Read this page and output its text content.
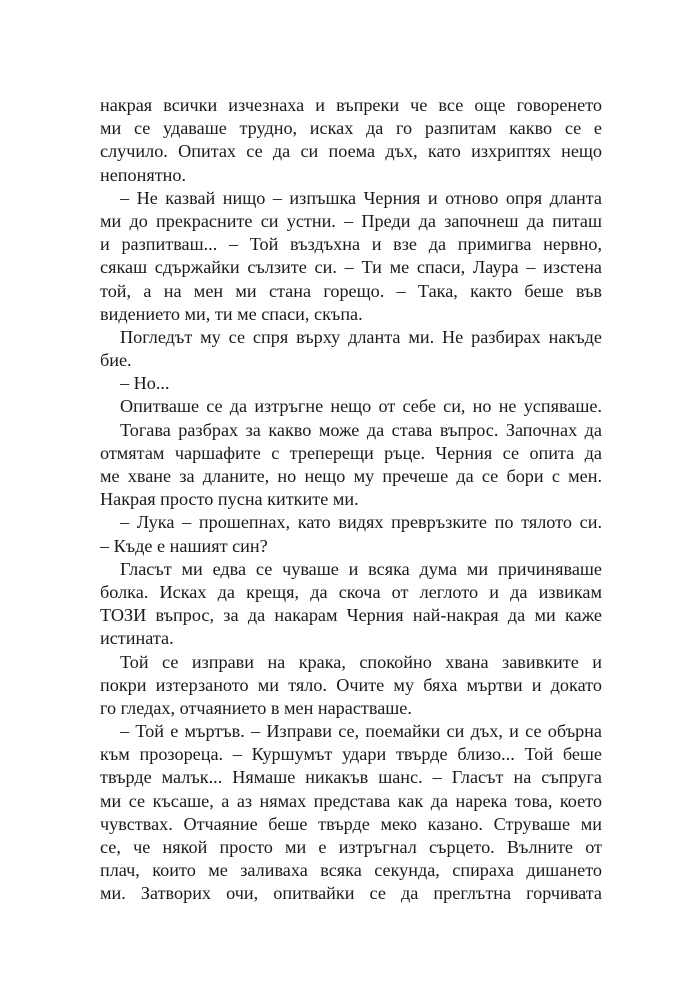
накрая всички изчезнаха и въпреки че все още говоренето
ми се удаваше трудно, исках да го разпитам какво се е
случило. Опитах се да си поема дъх, като изхриптях нещо
непонятно.
– Не казвай нищо – изпъшка Черния и отново опря дланта
ми до прекрасните си устни. – Преди да започнеш да питаш
и разпитваш... – Той въздъхна и взе да примигва нервно,
сякаш сдържайки сълзите си. – Ти ме спаси, Лаура – изстена
той, а на мен ми стана горещо. – Така, както беше във
видението ми, ти ме спаси, скъпа.
Погледът му се спря върху дланта ми. Не разбирах накъде
бие.
– Но...
Опитваше се да изтръгне нещо от себе си, но не успяваше.
Тогава разбрах за какво може да става въпрос. Започнах да
отмятам чаршафите с треперещи ръце. Черния се опита да
ме хване за дланите, но нещо му пречеше да се бори с мен.
Накрая просто пусна китките ми.
– Лука – прошепнах, като видях превръзките по тялото си.
– Къде е нашият син?
Гласът ми едва се чуваше и всяка дума ми причиняваше
болка. Исках да крещя, да скоча от леглото и да извикам
ТОЗИ въпрос, за да накарам Черния най-накрая да ми каже
истината.
Той се изправи на крака, спокойно хвана завивките и
покри изтерзаното ми тяло. Очите му бяха мъртви и докато
го гледах, отчаянието в мен нарастваше.
– Той е мъртъв. – Изправи се, поемайки си дъх, и се обърна
към прозореца. – Куршумът удари твърде близо... Той беше
твърде малък... Нямаше никакъв шанс. – Гласът на съпруга
ми се късаше, а аз нямах представа как да нарека това, което
чувствах. Отчаяние беше твърде меко казано. Струваше ми
се, че някой просто ми е изтръгнал сърцето. Вълните от
плач, които ме заливаха всяка секунда, спираха дишането
ми. Затворих очи, опитвайки се да преглътна горчивата
